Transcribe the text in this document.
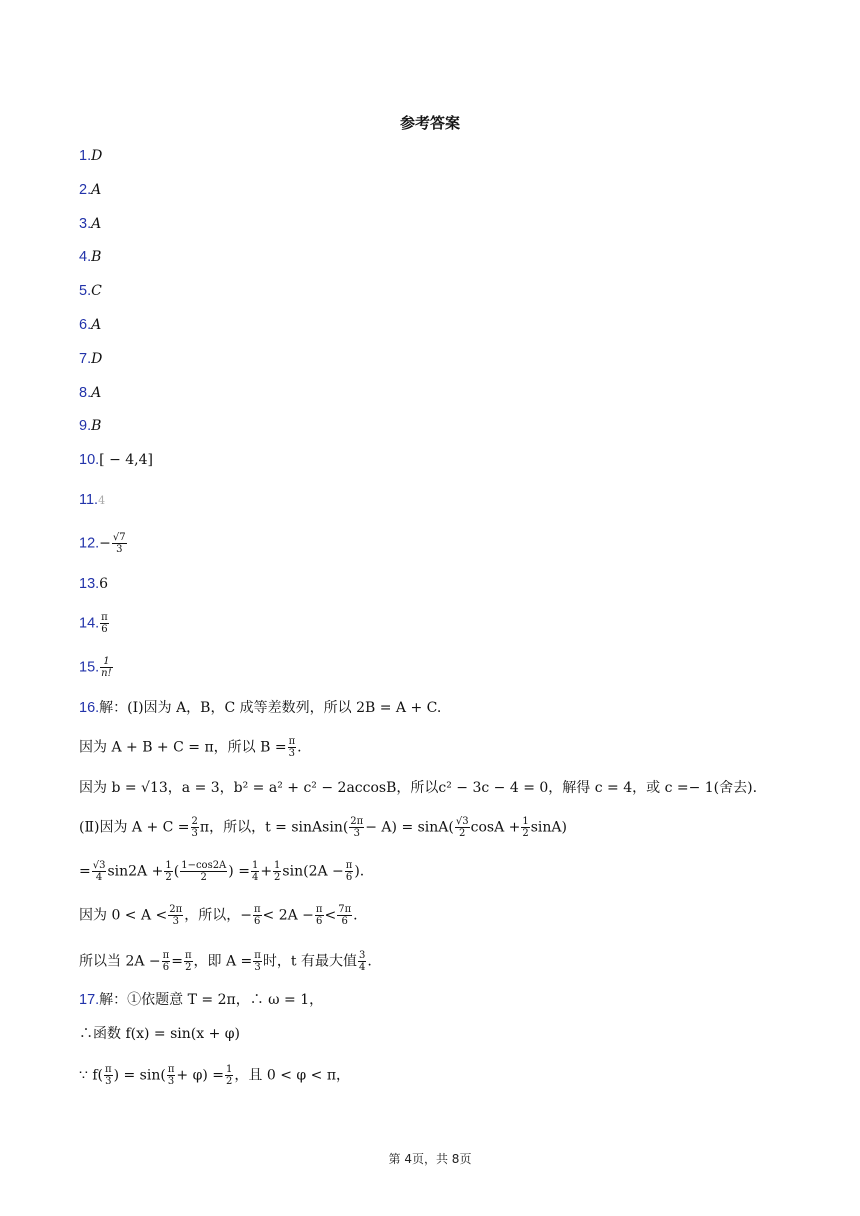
参考答案
1.D
2.A
3.A
4.B
5.C
6.A
7.D
8.A
9.B
10.[ − 4,4]
11.4
$12.- \frac{√7}{3}$
13.6
14. $\frac{\pi}{6}$
15. $\frac{1}{n!}$
16.解：(Ⅰ)因为 A，B，C 成等差数列，所以 2B = A + C.
因为 A + B + C = π，所以 $B = \frac{\pi}{3}$ .
因为 b = √13，a = 3，b² = a² + c² − 2accosB，所以c² − 3c − 4 = 0，解得 c = 4，或 c =− 1(舍去).
(Ⅱ)因为 $A + C = \frac{2}{3}$ π，所以，t = sinAsin( $\frac{2\pi}{3} - A) = \sin A( \frac{√3}{2}$ $\cos A + \frac{1}{2} \sin A$)
= $\frac{√3}{4} \sin 2A + \frac{1}{2}$ ( $\frac{1-\cos 2A}{2}$ ) = $\frac{1}{4} + \frac{1}{2} \sin(2A - \frac{\pi}{6}$ ).
因为 $0 < A < \frac{2\pi}{3}$ ，所以，− $\frac{\pi}{6} < 2A - \frac{\pi}{6} < \frac{7\pi}{6}$ .
所以当 $2A - \frac{\pi}{6} = \frac{\pi}{2}$ ，即 $A = \frac{\pi}{3}$ 时，t 有最大值 $\frac{3}{4}$ .
17.解：①依题意 T = 2π，∴ ω = 1，
∴函数 f(x) = sin(x + φ)
∵ $f( \frac{\pi}{3}$ ) = $\sin( \frac{\pi}{3} + \varphi) = \frac{1}{2}$ ，且 0 < φ < π，
第 4页，共 8页
